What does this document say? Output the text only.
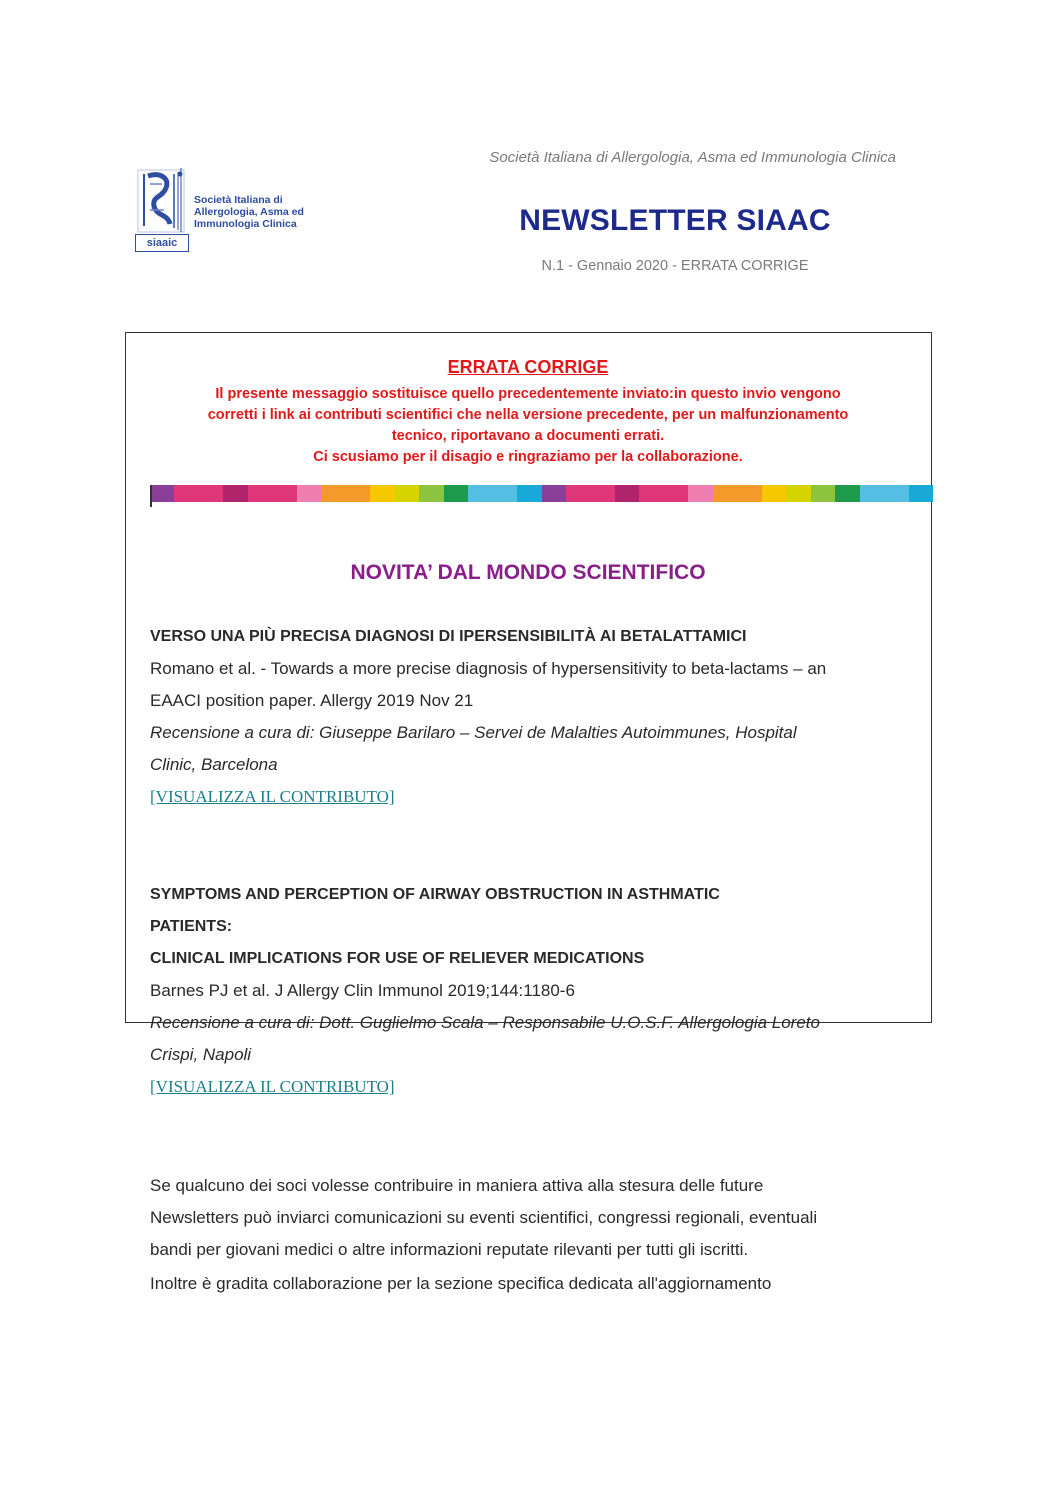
Società Italiana di Allergologia, Asma ed Immunologia Clinica
Società Italiana di
Allergologia, Asma ed
Immunologia Clinica
siaaic
NEWSLETTER SIAAC
N.1 - Gennaio 2020 - ERRATA CORRIGE
ERRATA CORRIGE
Il presente messaggio sostituisce quello precedentemente inviato:in questo invio vengono
corretti i link ai contributi scientifici che nella versione precedente, per un malfunzionamento
tecnico, riportavano a documenti errati.
Ci scusiamo per il disagio e ringraziamo per la collaborazione.
NOVITA’ DAL MONDO SCIENTIFICO
VERSO UNA PIÙ PRECISA DIAGNOSI DI IPERSENSIBILITÀ AI BETALATTAMICI
Romano et al. - Towards a more precise diagnosis of hypersensitivity to beta-lactams – an
EAACI position paper. Allergy 2019 Nov 21
Recensione a cura di: Giuseppe Barilaro – Servei de Malalties Autoimmunes, Hospital
Clinic, Barcelona
[VISUALIZZA IL CONTRIBUTO]
SYMPTOMS AND PERCEPTION OF AIRWAY OBSTRUCTION IN ASTHMATIC
PATIENTS:
CLINICAL IMPLICATIONS FOR USE OF RELIEVER MEDICATIONS
Barnes PJ et al. J Allergy Clin Immunol 2019;144:1180-6
Recensione a cura di: Dott. Guglielmo Scala – Responsabile U.O.S.F. Allergologia Loreto
Crispi, Napoli
[VISUALIZZA IL CONTRIBUTO]
Se qualcuno dei soci volesse contribuire in maniera attiva alla stesura delle future
Newsletters può inviarci comunicazioni su eventi scientifici, congressi regionali, eventuali
bandi per giovani medici o altre informazioni reputate rilevanti per tutti gli iscritti.
Inoltre è gradita collaborazione per la sezione specifica dedicata all'aggiornamento
